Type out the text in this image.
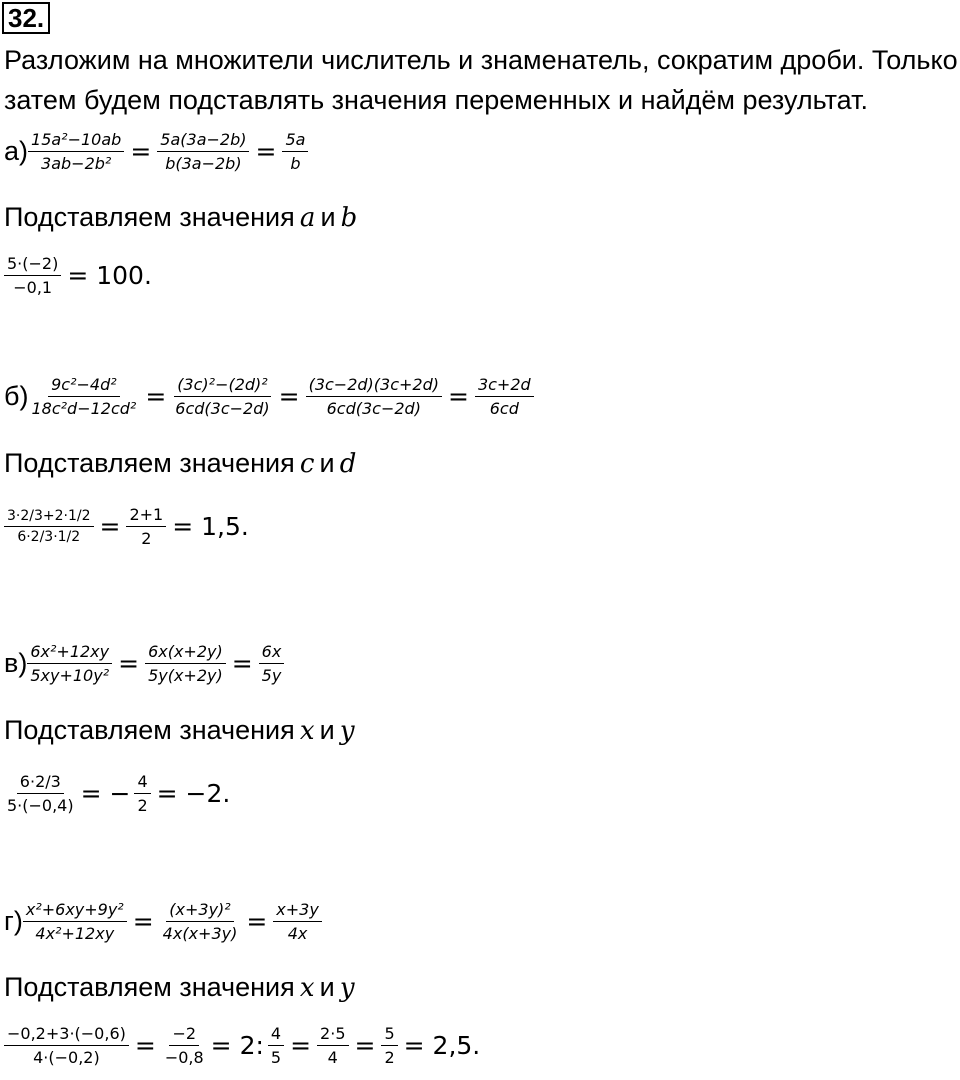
32.
Разложим на множители числитель и знаменатель, сократим дроби. Только затем будем подставлять значения переменных и найдём результат.
$а) \frac{\text{15a²−10ab}}{\text{3ab−2b²}} = \frac{5a(3a-2b)}{b(3a-2b)} = \frac{5a}{b}$
Подставляем значения
a
и
b
$\frac{5\cdot(-2)}{-0,1} = 100$.
$б) \frac{\text{9c²−4d²}}{\text{18c²d−12cd²}} = \frac{\text{(3c)²−(2d)²}}{6cd(3c-2d)} = \frac{(3c-2d)(3c+2d)}{6cd(3c-2d)} = \frac{3c+2d}{6cd}$
Подставляем значения
c
и
d
$\frac{3\cdot 2/3+2\cdot 1/2}{6\cdot 2/3\cdot 1/2} = \frac{2+1}{2} = 1,5$.
$в) \frac{\text{6x²+12xy}}{\text{5xy+10y²}} = \frac{6x(x+2y)}{5y(x+2y)} = \frac{6x}{5y}$
Подставляем значения
x
и
y
$\frac{6\cdot 2/3}{5\cdot(-0,4)}$ = − $\frac{4}{2} = -2$.
$г) \frac{\text{x²+6xy+9y²}}{\text{4x²+12xy}} = \frac{\text{(x+3y)²}}{4x(x+3y)} = \frac{x+3y}{4x}$
Подставляем значения
x
и
y
$\frac{-0,2+3\cdot(-0,6)}{4\cdot(-0,2)} = \frac{-2}{-0,8} = 2$: $\frac{4}{5} = \frac{2\cdot 5}{4} = \frac{5}{2} = 2,5$.
